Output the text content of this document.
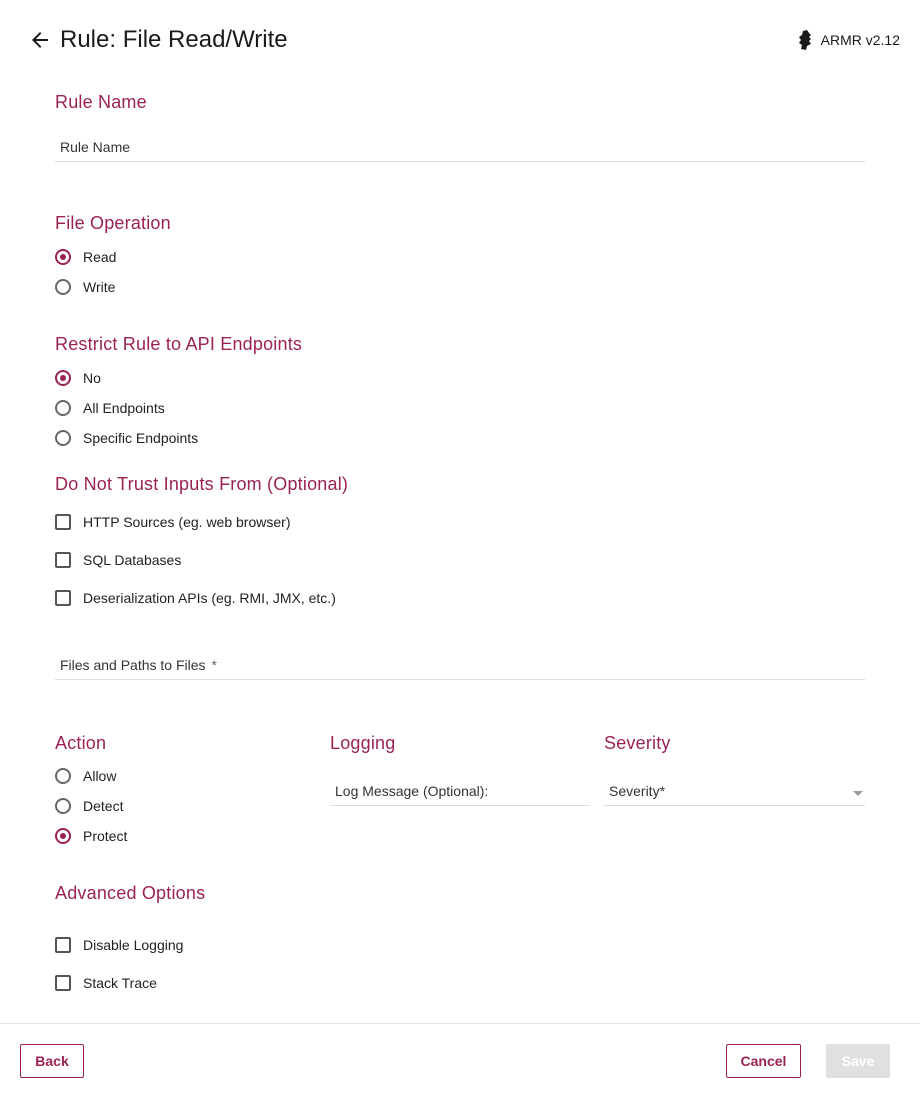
Rule: File Read/Write	ARMR v2.12
Rule Name
Rule Name
File Operation
Read
Write
Restrict Rule to API Endpoints
No
All Endpoints
Specific Endpoints
Do Not Trust Inputs From (Optional)
HTTP Sources (eg. web browser)
SQL Databases
Deserialization APIs (eg. RMI, JMX, etc.)
Files and Paths to Files *
Action
Allow
Detect
Protect
Logging
Log Message (Optional):
Severity
Severity*
Advanced Options
Disable Logging
Stack Trace
Back	Cancel	Save
